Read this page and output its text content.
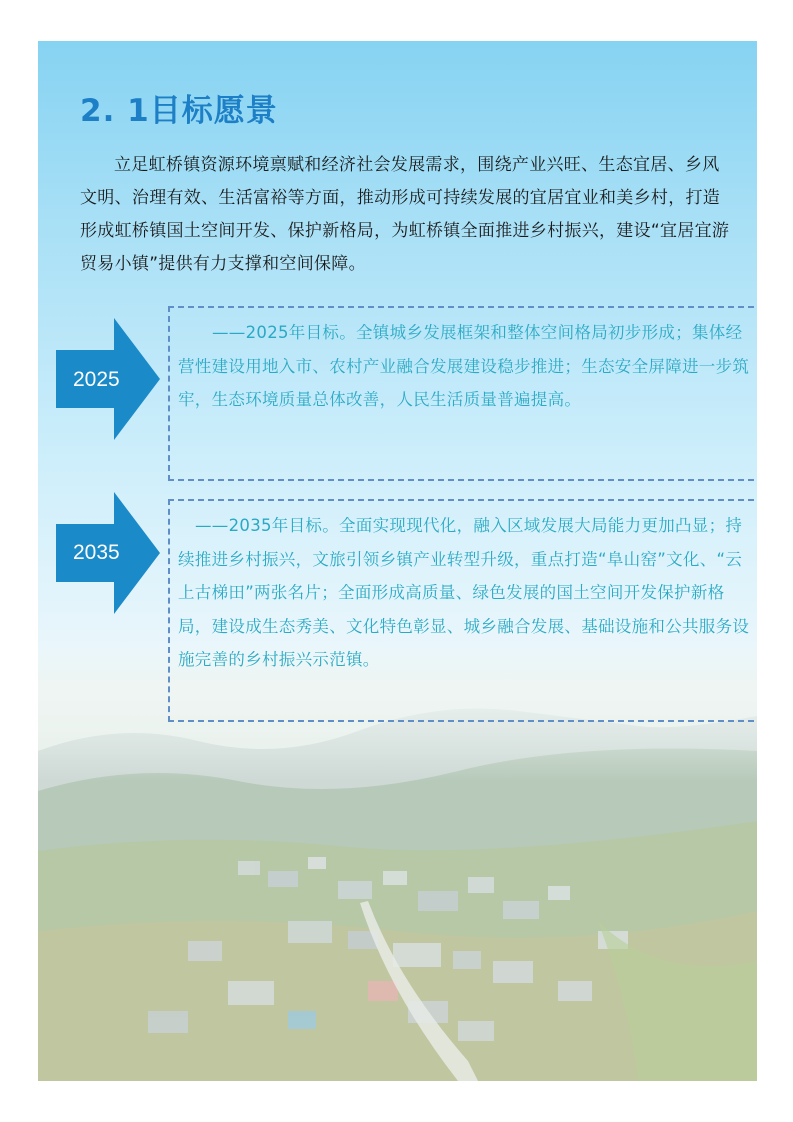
2. 1目标愿景

立足虹桥镇资源环境禀赋和经济社会发展需求，围绕产业兴旺、生态宜居、乡风文明、治理有效、生活富裕等方面，推动形成可持续发展的宜居宜业和美乡村，打造形成虹桥镇国土空间开发、保护新格局，为虹桥镇全面推进乡村振兴，建设“宜居宜游贸易小镇”提供有力支撑和空间保障。

2025

——2025年目标。全镇城乡发展框架和整体空间格局初步形成；集体经营性建设用地入市、农村产业融合发展建设稳步推进；生态安全屏障进一步筑牢，生态环境质量总体改善，人民生活质量普遍提高。

2035

——2035年目标。全面实现现代化，融入区域发展大局能力更加凸显；持续推进乡村振兴，文旅引领乡镇产业转型升级，重点打造“阜山窑”文化、“云上古梯田”两张名片；全面形成高质量、绿色发展的国土空间开发保护新格局，建设成生态秀美、文化特色彰显、城乡融合发展、基础设施和公共服务设施完善的乡村振兴示范镇。
